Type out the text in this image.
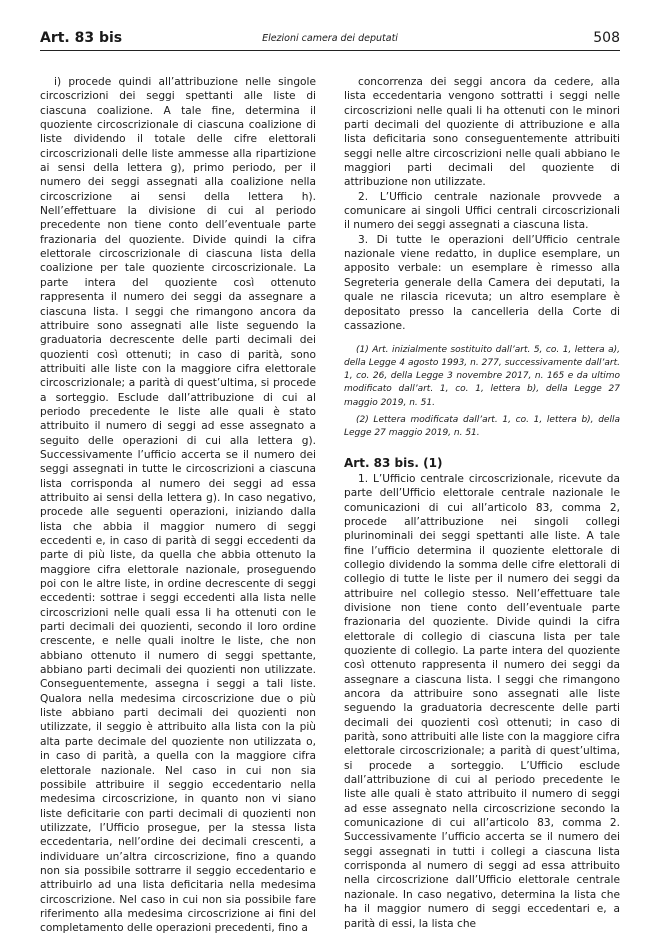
Art. 83 bis	Elezioni camera dei deputati	508

i) procede quindi all’attribuzione nelle singole circoscrizioni dei seggi spettanti alle liste di ciascuna coalizione. A tale fine, determina il quoziente circoscrizionale di ciascuna coalizione di liste dividendo il totale delle cifre elettorali circoscrizionali delle liste ammesse alla ripartizione ai sensi della lettera g), primo periodo, per il numero dei seggi assegnati alla coalizione nella circoscrizione ai sensi della lettera h). Nell’effettuare la divisione di cui al periodo precedente non tiene conto dell’eventuale parte frazionaria del quoziente. Divide quindi la cifra elettorale circoscrizionale di ciascuna lista della coalizione per tale quoziente circoscrizionale. La parte intera del quoziente così ottenuto rappresenta il numero dei seggi da assegnare a ciascuna lista. I seggi che rimangono ancora da attribuire sono assegnati alle liste seguendo la graduatoria decrescente delle parti decimali dei quozienti così ottenuti; in caso di parità, sono attribuiti alle liste con la maggiore cifra elettorale circoscrizionale; a parità di quest’ultima, si procede a sorteggio. Esclude dall’attribuzione di cui al periodo precedente le liste alle quali è stato attribuito il numero di seggi ad esse assegnato a seguito delle operazioni di cui alla lettera g). Successivamente l’ufficio accerta se il numero dei seggi assegnati in tutte le circoscrizioni a ciascuna lista corrisponda al numero dei seggi ad essa attribuito ai sensi della lettera g). In caso negativo, procede alle seguenti operazioni, iniziando dalla lista che abbia il maggior numero di seggi eccedenti e, in caso di parità di seggi eccedenti da parte di più liste, da quella che abbia ottenuto la maggiore cifra elettorale nazionale, proseguendo poi con le altre liste, in ordine decrescente di seggi eccedenti: sottrae i seggi eccedenti alla lista nelle circoscrizioni nelle quali essa li ha ottenuti con le parti decimali dei quozienti, secondo il loro ordine crescente, e nelle quali inoltre le liste, che non abbiano ottenuto il numero di seggi spettante, abbiano parti decimali dei quozienti non utilizzate. Conseguentemente, assegna i seggi a tali liste. Qualora nella medesima circoscrizione due o più liste abbiano parti decimali dei quozienti non utilizzate, il seggio è attribuito alla lista con la più alta parte decimale del quoziente non utilizzata o, in caso di parità, a quella con la maggiore cifra elettorale nazionale. Nel caso in cui non sia possibile attribuire il seggio eccedentario nella medesima circoscrizione, in quanto non vi siano liste deficitarie con parti decimali di quozienti non utilizzate, l’Ufficio prosegue, per la stessa lista eccedentaria, nell’ordine dei decimali crescenti, a individuare un’altra circoscrizione, fino a quando non sia possibile sottrarre il seggio eccedentario e attribuirlo ad una lista deficitaria nella medesima circoscrizione. Nel caso in cui non sia possibile fare riferimento alla medesima circoscrizione ai fini del completamento delle operazioni precedenti, fino a

concorrenza dei seggi ancora da cedere, alla lista eccedentaria vengono sottratti i seggi nelle circoscrizioni nelle quali li ha ottenuti con le minori parti decimali del quoziente di attribuzione e alla lista deficitaria sono conseguentemente attribuiti seggi nelle altre circoscrizioni nelle quali abbiano le maggiori parti decimali del quoziente di attribuzione non utilizzate.

2. L’Ufficio centrale nazionale provvede a comunicare ai singoli Uffici centrali circoscrizionali il numero dei seggi assegnati a ciascuna lista.

3. Di tutte le operazioni dell’Ufficio centrale nazionale viene redatto, in duplice esemplare, un apposito verbale: un esemplare è rimesso alla Segreteria generale della Camera dei deputati, la quale ne rilascia ricevuta; un altro esemplare è depositato presso la cancelleria della Corte di cassazione.

(1) Art. inizialmente sostituito dall’art. 5, co. 1, lettera a), della Legge 4 agosto 1993, n. 277, successivamente dall’art. 1, co. 26, della Legge 3 novembre 2017, n. 165 e da ultimo modificato dall’art. 1, co. 1, lettera b), della Legge 27 maggio 2019, n. 51.

(2) Lettera modificata dall’art. 1, co. 1, lettera b), della Legge 27 maggio 2019, n. 51.

Art. 83 bis. (1)

1. L’Ufficio centrale circoscrizionale, ricevute da parte dell’Ufficio elettorale centrale nazionale le comunicazioni di cui all’articolo 83, comma 2, procede all’attribuzione nei singoli collegi plurinominali dei seggi spettanti alle liste. A tale fine l’ufficio determina il quoziente elettorale di collegio dividendo la somma delle cifre elettorali di collegio di tutte le liste per il numero dei seggi da attribuire nel collegio stesso. Nell’effettuare tale divisione non tiene conto dell’eventuale parte frazionaria del quoziente. Divide quindi la cifra elettorale di collegio di ciascuna lista per tale quoziente di collegio. La parte intera del quoziente così ottenuto rappresenta il numero dei seggi da assegnare a ciascuna lista. I seggi che rimangono ancora da attribuire sono assegnati alle liste seguendo la graduatoria decrescente delle parti decimali dei quozienti così ottenuti; in caso di parità, sono attribuiti alle liste con la maggiore cifra elettorale circoscrizionale; a parità di quest’ultima, si procede a sorteggio. L’Ufficio esclude dall’attribuzione di cui al periodo precedente le liste alle quali è stato attribuito il numero di seggi ad esse assegnato nella circoscrizione secondo la comunicazione di cui all’articolo 83, comma 2. Successivamente l’ufficio accerta se il numero dei seggi assegnati in tutti i collegi a ciascuna lista corrisponda al numero di seggi ad essa attribuito nella circoscrizione dall’Ufficio elettorale centrale nazionale. In caso negativo, determina la lista che ha il maggior numero di seggi eccedentari e, a parità di essi, la lista che
